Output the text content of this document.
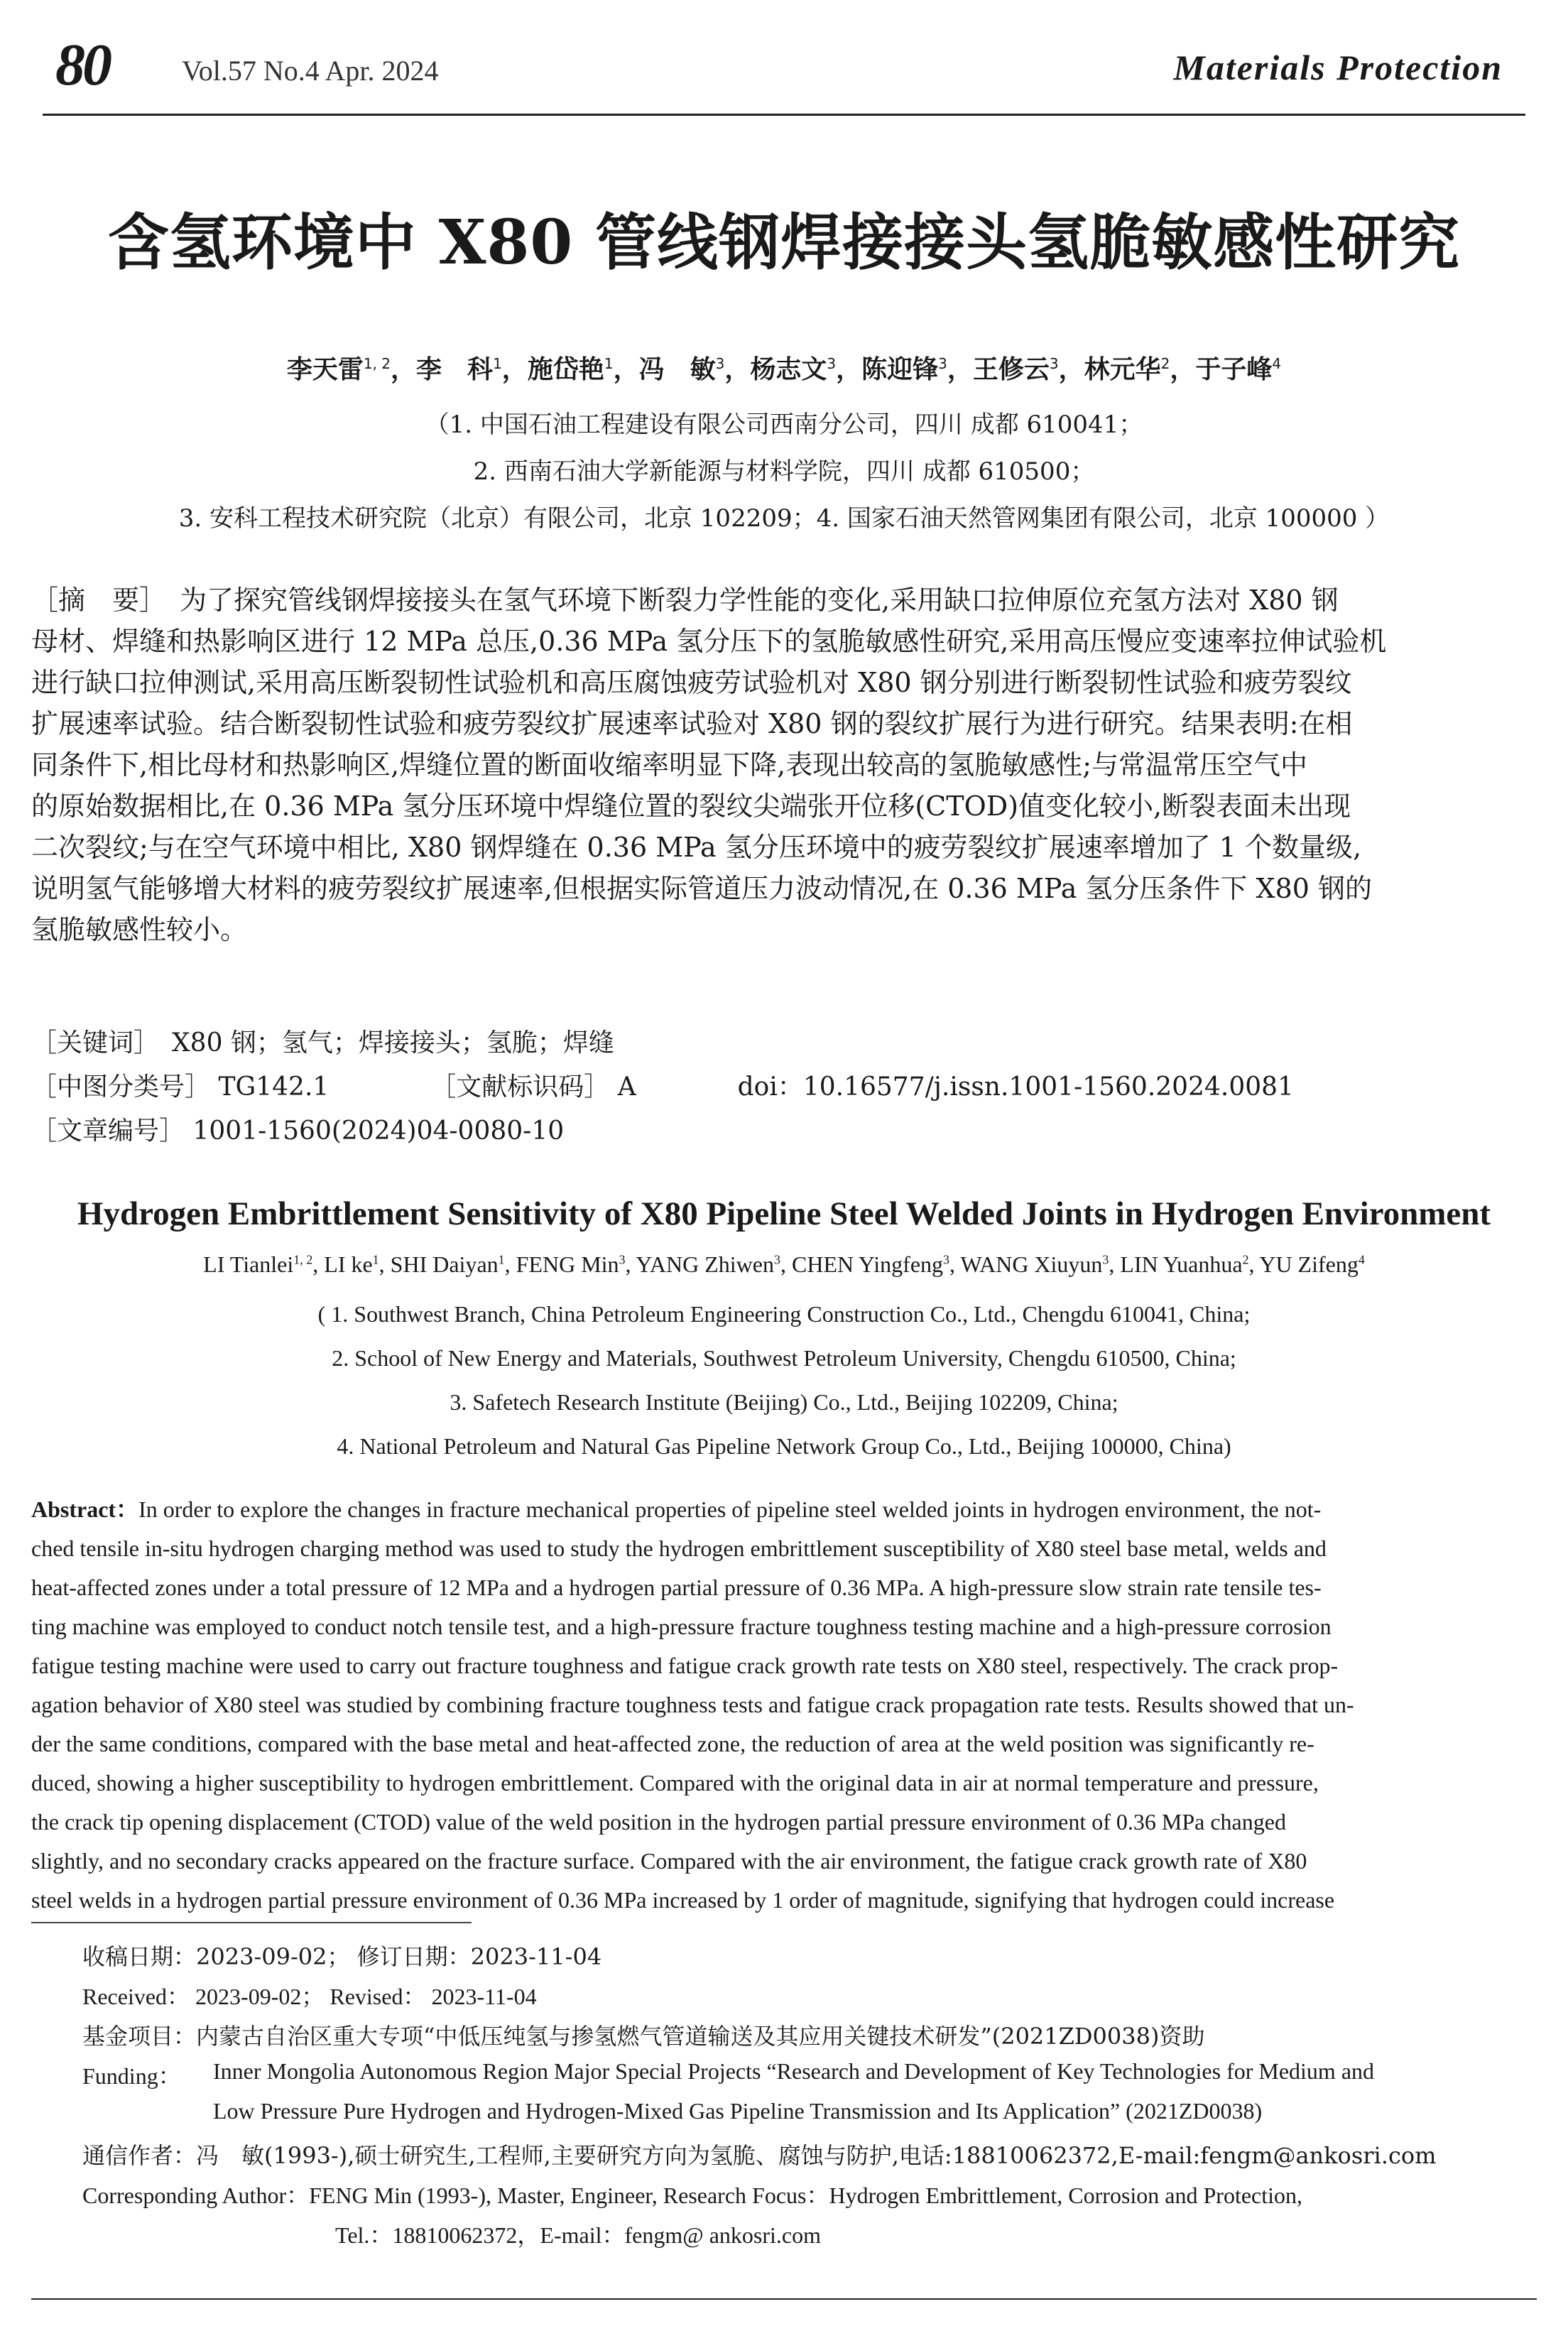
80	Vol.57 No.4 Apr. 2024	Materials Protection
含氢环境中 X80 管线钢焊接接头氢脆敏感性研究
李天雷$^{1, 2}$，李　科$^1$，施岱艳$^1$，冯　敏$^3$，杨志文$^3$，陈迎锋$^3$，王修云$^3$，林元华$^2$，于子峰$^4$
（1. 中国石油工程建设有限公司西南分公司，四川 成都 610041；
2. 西南石油大学新能源与材料学院，四川 成都 610500；
3. 安科工程技术研究院（北京）有限公司，北京 102209；4. 国家石油天然管网集团有限公司，北京 100000 ）
［摘　要］　 为了探究管线钢焊接接头在氢气环境下断裂力学性能的变化,采用缺口拉伸原位充氢方法对 X80 钢
母材、焊缝和热影响区进行 12 MPa 总压,0.36 MPa 氢分压下的氢脆敏感性研究,采用高压慢应变速率拉伸试验机
进行缺口拉伸测试,采用高压断裂韧性试验机和高压腐蚀疲劳试验机对 X80 钢分别进行断裂韧性试验和疲劳裂纹
扩展速率试验。结合断裂韧性试验和疲劳裂纹扩展速率试验对 X80 钢的裂纹扩展行为进行研究。结果表明:在相
同条件下,相比母材和热影响区,焊缝位置的断面收缩率明显下降,表现出较高的氢脆敏感性;与常温常压空气中
的原始数据相比,在 0.36 MPa 氢分压环境中焊缝位置的裂纹尖端张开位移(CTOD)值变化较小,断裂表面未出现
二次裂纹;与在空气环境中相比, X80 钢焊缝在 0.36 MPa 氢分压环境中的疲劳裂纹扩展速率增加了 1 个数量级,
说明氢气能够增大材料的疲劳裂纹扩展速率,但根据实际管道压力波动情况,在 0.36 MPa 氢分压条件下 X80 钢的
氢脆敏感性较小。
［关键词］　 X80 钢；氢气；焊接接头；氢脆；焊缝
［中图分类号］ TG142.1	［文献标识码］ A	doi：10.16577/j.issn.1001-1560.2024.0081
［文章编号］ 1001-1560(2024)04-0080-10
Hydrogen Embrittlement Sensitivity of X80 Pipeline Steel Welded Joints in Hydrogen Environment
LI Tianlei$^{1, 2}$, LI $ke^1$, SHI Daiyan$^1$, FENG Min$^3$, YANG Zhiwen$^3$, CHEN Yingfeng$^3$, WANG Xiuyun$^3$, LIN Yuanhua$^2$, YU Zifeng$^4$
( 1. Southwest Branch, China Petroleum Engineering Construction Co., Ltd., Chengdu 610041, China;
2. School of New Energy and Materials, Southwest Petroleum University, Chengdu 610500, China;
3. Safetech Research Institute (Beijing) Co., Ltd., Beijing 102209, China;
4. National Petroleum and Natural Gas Pipeline Network Group Co., Ltd., Beijing 100000, China)
Abstract：In order to explore the changes in fracture mechanical properties of pipeline steel welded joints in hydrogen environment, the not-
ched tensile in-situ hydrogen charging method was used to study the hydrogen embrittlement susceptibility of X80 steel base metal, welds and
heat-affected zones under a total pressure of 12 MPa and a hydrogen partial pressure of 0.36 MPa. A high-pressure slow strain rate tensile tes-
ting machine was employed to conduct notch tensile test, and a high-pressure fracture toughness testing machine and a high-pressure corrosion
fatigue testing machine were used to carry out fracture toughness and fatigue crack growth rate tests on X80 steel, respectively. The crack prop-
agation behavior of X80 steel was studied by combining fracture toughness tests and fatigue crack propagation rate tests. Results showed that un-
der the same conditions, compared with the base metal and heat-affected zone, the reduction of area at the weld position was significantly re-
duced, showing a higher susceptibility to hydrogen embrittlement. Compared with the original data in air at normal temperature and pressure,
the crack tip opening displacement (CTOD) value of the weld position in the hydrogen partial pressure environment of 0.36 MPa changed
slightly, and no secondary cracks appeared on the fracture surface. Compared with the air environment, the fatigue crack growth rate of X80
steel welds in a hydrogen partial pressure environment of 0.36 MPa increased by 1 order of magnitude, signifying that hydrogen could increase
收稿日期：2023-09-02； 修订日期：2023-11-04
Received： 2023-09-02； Revised： 2023-11-04
基金项目：内蒙古自治区重大专项“中低压纯氢与掺氢燃气管道输送及其应用关键技术研发”(2021ZD0038)资助
Funding： Inner Mongolia Autonomous Region Major Special Projects “Research and Development of Key Technologies for Medium and
Low Pressure Pure Hydrogen and Hydrogen-Mixed Gas Pipeline Transmission and Its Application” (2021ZD0038)
通信作者：冯　敏(1993-),硕士研究生,工程师,主要研究方向为氢脆、腐蚀与防护,电话:18810062372,E-mail:fengm@ankosri.com
Corresponding Author：FENG Min (1993-), Master, Engineer, Research Focus：Hydrogen Embrittlement, Corrosion and Protection,
Tel.：18810062372，E-mail：fengm@ ankosri.com
